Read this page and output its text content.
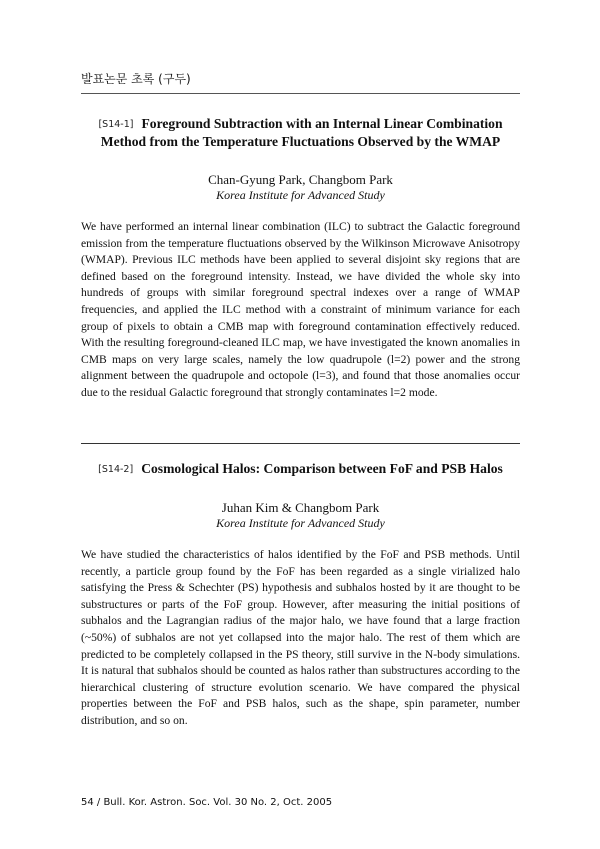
발표논문 초록 (구두)
[S14-1] Foreground Subtraction with an Internal Linear Combination
Method from the Temperature Fluctuations Observed by the WMAP
Chan-Gyung Park, Changbom Park
Korea Institute for Advanced Study
We have performed an internal linear combination (ILC) to subtract the Galactic foreground emission from the temperature fluctuations observed by the Wilkinson Microwave Anisotropy (WMAP). Previous ILC methods have been applied to several disjoint sky regions that are defined based on the foreground intensity. Instead, we have divided the whole sky into hundreds of groups with similar foreground spectral indexes over a range of WMAP frequencies, and applied the ILC method with a constraint of minimum variance for each group of pixels to obtain a CMB map with foreground contamination effectively reduced. With the resulting foreground-cleaned ILC map, we have investigated the known anomalies in CMB maps on very large scales, namely the low quadrupole (l=2) power and the strong alignment between the quadrupole and octopole (l=3), and found that those anomalies occur due to the residual Galactic foreground that strongly contaminates l=2 mode.
[S14-2] Cosmological Halos: Comparison between FoF and PSB Halos
Juhan Kim & Changbom Park
Korea Institute for Advanced Study
We have studied the characteristics of halos identified by the FoF and PSB methods. Until recently, a particle group found by the FoF has been regarded as a single virialized halo satisfying the Press & Schechter (PS) hypothesis and subhalos hosted by it are thought to be substructures or parts of the FoF group. However, after measuring the initial positions of subhalos and the Lagrangian radius of the major halo, we have found that a large fraction (~50%) of subhalos are not yet collapsed into the major halo. The rest of them which are predicted to be completely collapsed in the PS theory, still survive in the N-body simulations. It is natural that subhalos should be counted as halos rather than substructures according to the hierarchical clustering of structure evolution scenario. We have compared the physical properties between the FoF and PSB halos, such as the shape, spin parameter, number distribution, and so on.
54 / Bull. Kor. Astron. Soc. Vol. 30 No. 2, Oct. 2005
